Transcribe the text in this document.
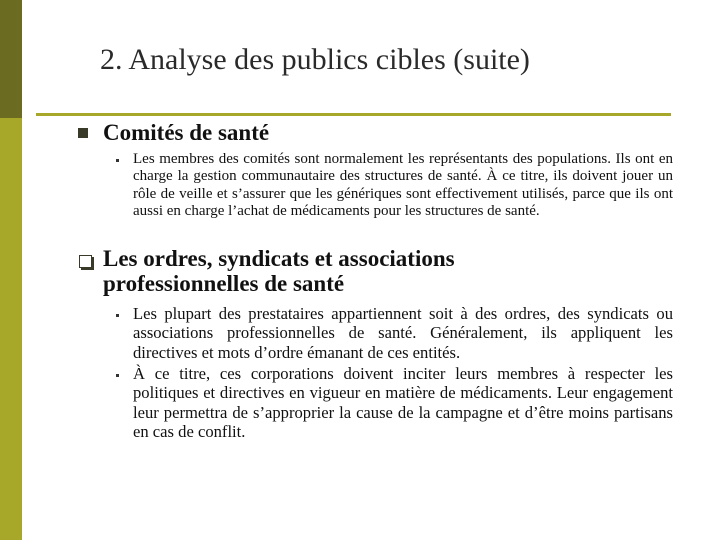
2. Analyse des publics cibles (suite)
Comités de santé

Les membres des comités sont normalement les représentants des populations. Ils ont en charge la gestion communautaire des structures de santé. À ce titre, ils doivent jouer un rôle de veille et s’assurer que les génériques sont effectivement utilisés, parce que ils ont aussi en charge l’achat de médicaments pour les structures de santé.

Les ordres, syndicats et associations
professionnelles de santé

Les plupart des prestataires appartiennent soit à des ordres, des syndicats ou associations professionnelles de santé. Généralement, ils appliquent les directives et mots d’ordre émanant de ces entités.

À ce titre, ces corporations doivent inciter leurs membres à respecter les politiques et directives en vigueur en matière de médicaments. Leur engagement leur permettra de s’approprier la cause de la campagne et d’être moins partisans en cas de conflit.
